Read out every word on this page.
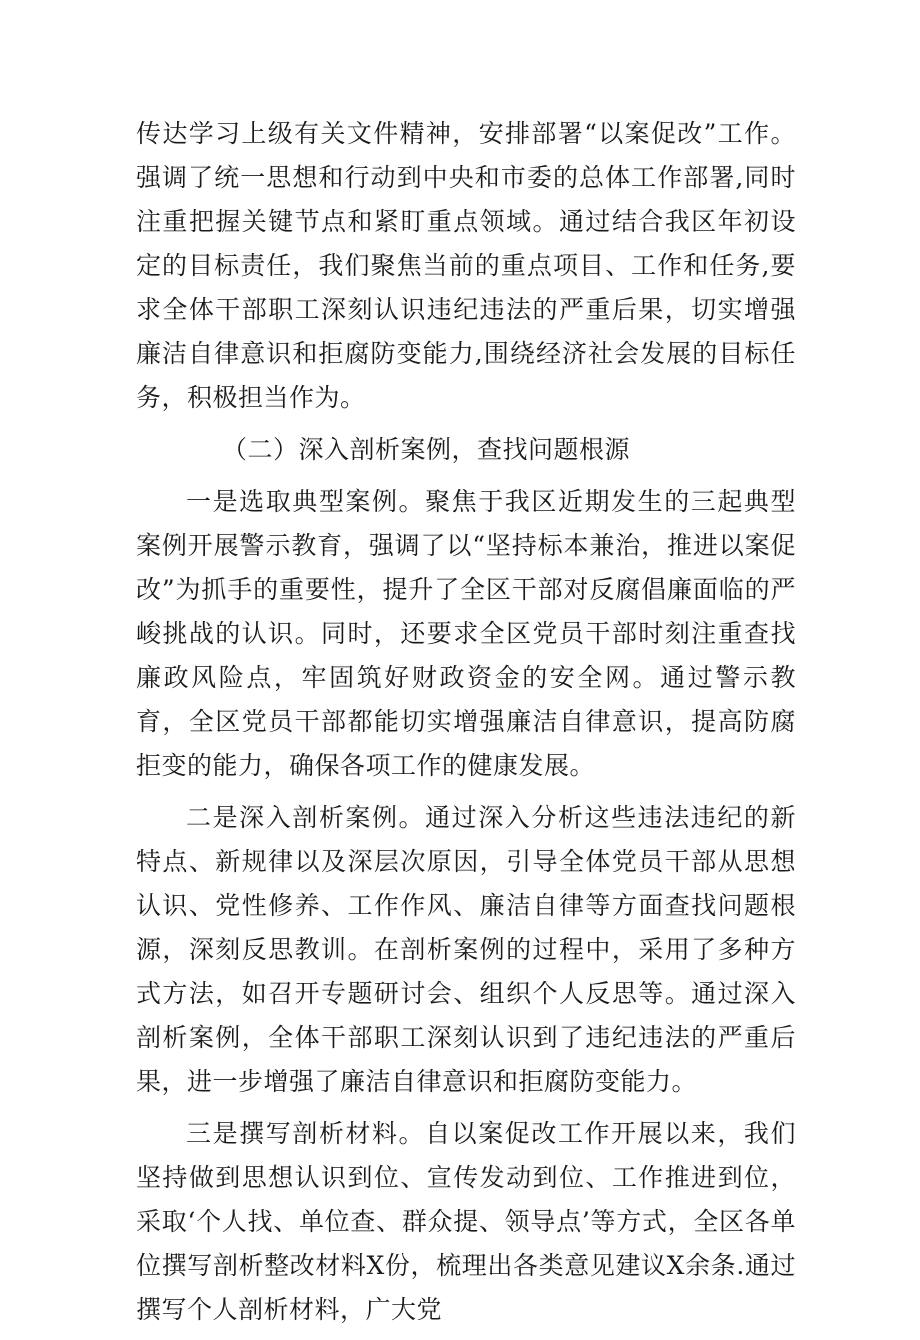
传达学习上级有关文件精神，安排部署“以案促改”工作。强调了统一思想和行动到中央和市委的总体工作部署,同时注重把握关键节点和紧盯重点领域。通过结合我区年初设定的目标责任，我们聚焦当前的重点项目、工作和任务,要求全体干部职工深刻认识违纪违法的严重后果，切实增强廉洁自律意识和拒腐防变能力,围绕经济社会发展的目标任务，积极担当作为。

（二）深入剖析案例，查找问题根源

一是选取典型案例。聚焦于我区近期发生的三起典型案例开展警示教育，强调了以“坚持标本兼治，推进以案促改”为抓手的重要性，提升了全区干部对反腐倡廉面临的严峻挑战的认识。同时，还要求全区党员干部时刻注重查找廉政风险点，牢固筑好财政资金的安全网。通过警示教育，全区党员干部都能切实增强廉洁自律意识，提高防腐拒变的能力，确保各项工作的健康发展。

二是深入剖析案例。通过深入分析这些违法违纪的新特点、新规律以及深层次原因，引导全体党员干部从思想认识、党性修养、工作作风、廉洁自律等方面查找问题根源，深刻反思教训。在剖析案例的过程中，采用了多种方式方法，如召开专题研讨会、组织个人反思等。通过深入剖析案例，全体干部职工深刻认识到了违纪违法的严重后果，进一步增强了廉洁自律意识和拒腐防变能力。

三是撰写剖析材料。自以案促改工作开展以来，我们坚持做到思想认识到位、宣传发动到位、工作推进到位，采取‘个人找、单位查、群众提、领导点’等方式，全区各单位撰写剖析整改材料X份，梳理出各类意见建议X余条.通过撰写个人剖析材料，广大党
